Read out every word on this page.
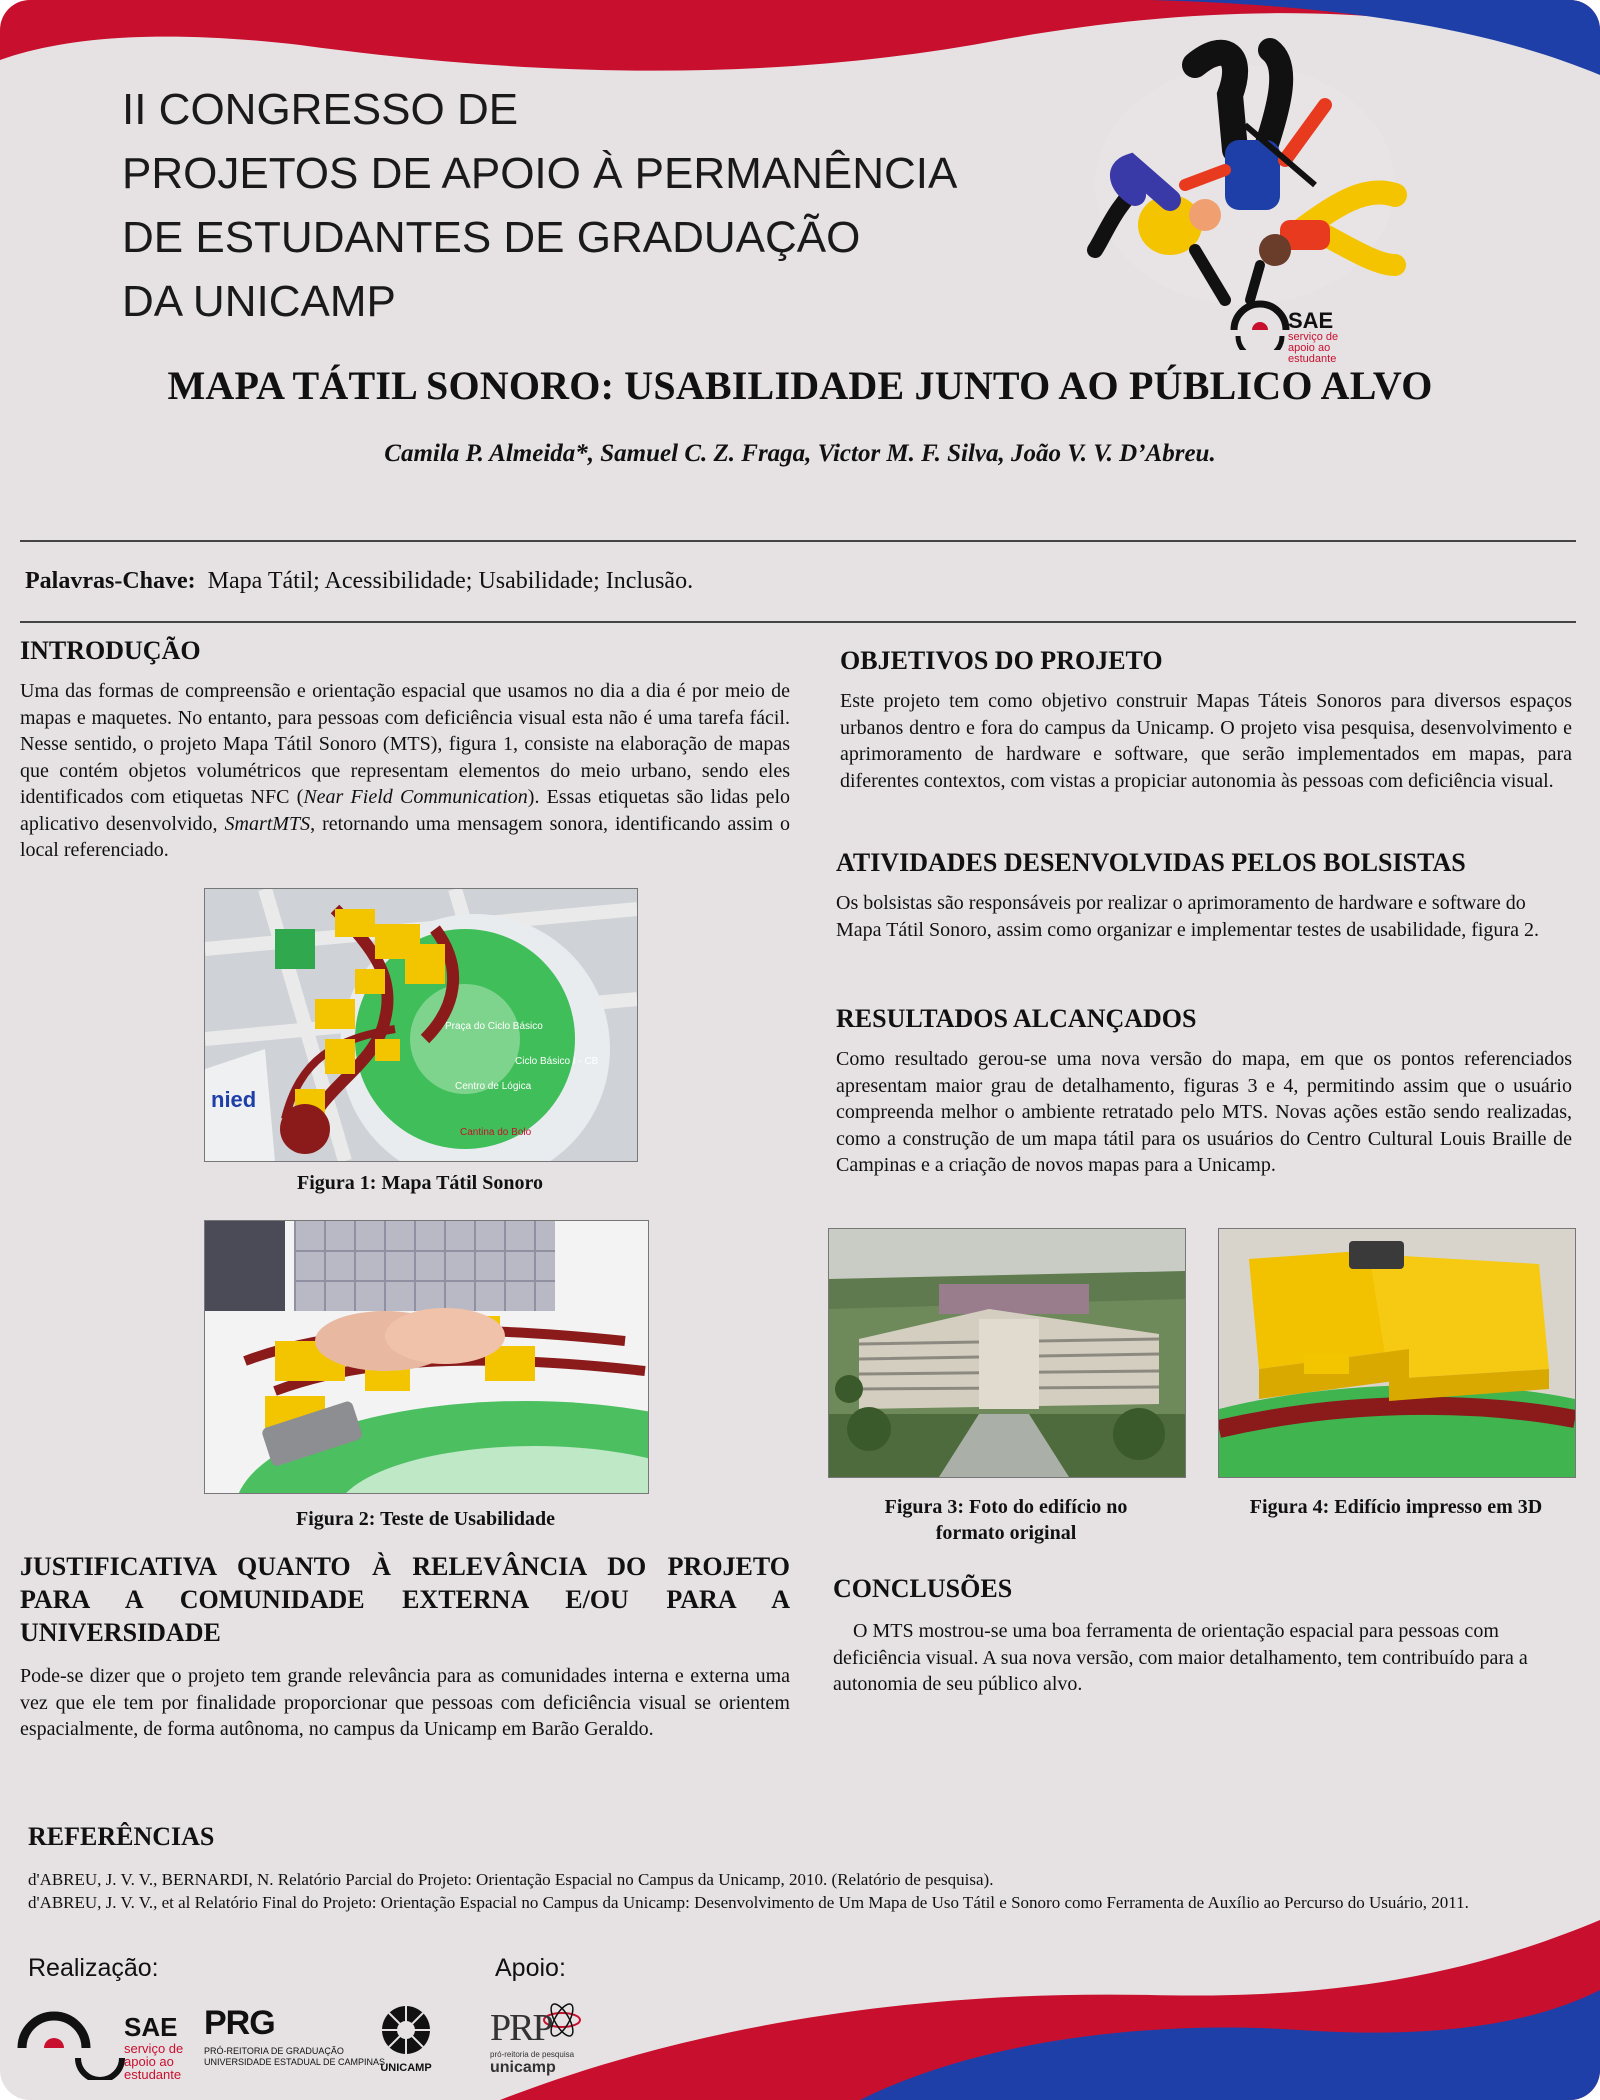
II CONGRESSO DE
PROJETOS DE APOIO À PERMANÊNCIA
DE ESTUDANTES DE GRADUAÇÃO
DA UNICAMP	SAE
serviço de
apoio ao
estudante
MAPA TÁTIL SONORO: USABILIDADE JUNTO AO PÚBLICO ALVO
Camila P. Almeida*, Samuel C. Z. Fraga, Victor M. F. Silva, João V. V. D’Abreu.
Palavras-Chave: Mapa Tátil; Acessibilidade; Usabilidade; Inclusão.
INTRODUÇÃO
Uma das formas de compreensão e orientação espacial que usamos no dia a dia é por meio de mapas e maquetes. No entanto, para pessoas com deficiência visual esta não é uma tarefa fácil. Nesse sentido, o projeto Mapa Tátil Sonoro (MTS), figura 1, consiste na elaboração de mapas que contém objetos volumétricos que representam elementos do meio urbano, sendo eles identificados com etiquetas NFC (Near Field Communication). Essas etiquetas são lidas pelo aplicativo desenvolvido, SmartMTS, retornando uma mensagem sonora, identificando assim o local referenciado.
Praça do Ciclo Básico
Ciclo Básico I - CB
Cantina do Bolo
Centro de Lógica
nied
Figura 1: Mapa Tátil Sonoro
Figura 2: Teste de Usabilidade
JUSTIFICATIVA QUANTO À RELEVÂNCIA DO PROJETO
PARA A COMUNIDADE EXTERNA E/OU PARA A
UNIVERSIDADE
Pode-se dizer que o projeto tem grande relevância para as comunidades interna e externa uma vez que ele tem por finalidade proporcionar que pessoas com deficiência visual se orientem espacialmente, de forma autônoma, no campus da Unicamp em Barão Geraldo.
OBJETIVOS DO PROJETO
Este projeto tem como objetivo construir Mapas Táteis Sonoros para diversos espaços urbanos dentro e fora do campus da Unicamp. O projeto visa pesquisa, desenvolvimento e aprimoramento de hardware e software, que serão implementados em mapas, para diferentes contextos, com vistas a propiciar autonomia às pessoas com deficiência visual.
ATIVIDADES DESENVOLVIDAS PELOS BOLSISTAS
Os bolsistas são responsáveis por realizar o aprimoramento de hardware e software do Mapa Tátil Sonoro, assim como organizar e implementar testes de usabilidade, figura 2.
RESULTADOS ALCANÇADOS
Como resultado gerou-se uma nova versão do mapa, em que os pontos referenciados apresentam maior grau de detalhamento, figuras 3 e 4, permitindo assim que o usuário compreenda melhor o ambiente retratado pelo MTS. Novas ações estão sendo realizadas, como a construção de um mapa tátil para os usuários do Centro Cultural Louis Braille de Campinas e a criação de novos mapas para a Unicamp.
Figura 3: Foto do edifício no
formato original
Figura 4: Edifício impresso em 3D
CONCLUSÕES
O MTS mostrou-se uma boa ferramenta de orientação espacial para pessoas com deficiência visual. A sua nova versão, com maior detalhamento, tem contribuído para a autonomia de seu público alvo.
REFERÊNCIAS
d'ABREU, J. V. V., BERNARDI, N. Relatório Parcial do Projeto: Orientação Espacial no Campus da Unicamp, 2010. (Relatório de pesquisa).
d'ABREU, J. V. V., et al Relatório Final do Projeto: Orientação Espacial no Campus da Unicamp: Desenvolvimento de Um Mapa de Uso Tátil e Sonoro como Ferramenta de Auxílio ao Percurso do Usuário, 2011.
Realização:	Apoio:
SAE
serviço de
apoio ao
estudante
PRG
PRÓ-REITORIA DE GRADUAÇÃO
UNIVERSIDADE ESTADUAL DE CAMPINAS
UNICAMP
PRP
pró-reitoria de pesquisa
unicamp
